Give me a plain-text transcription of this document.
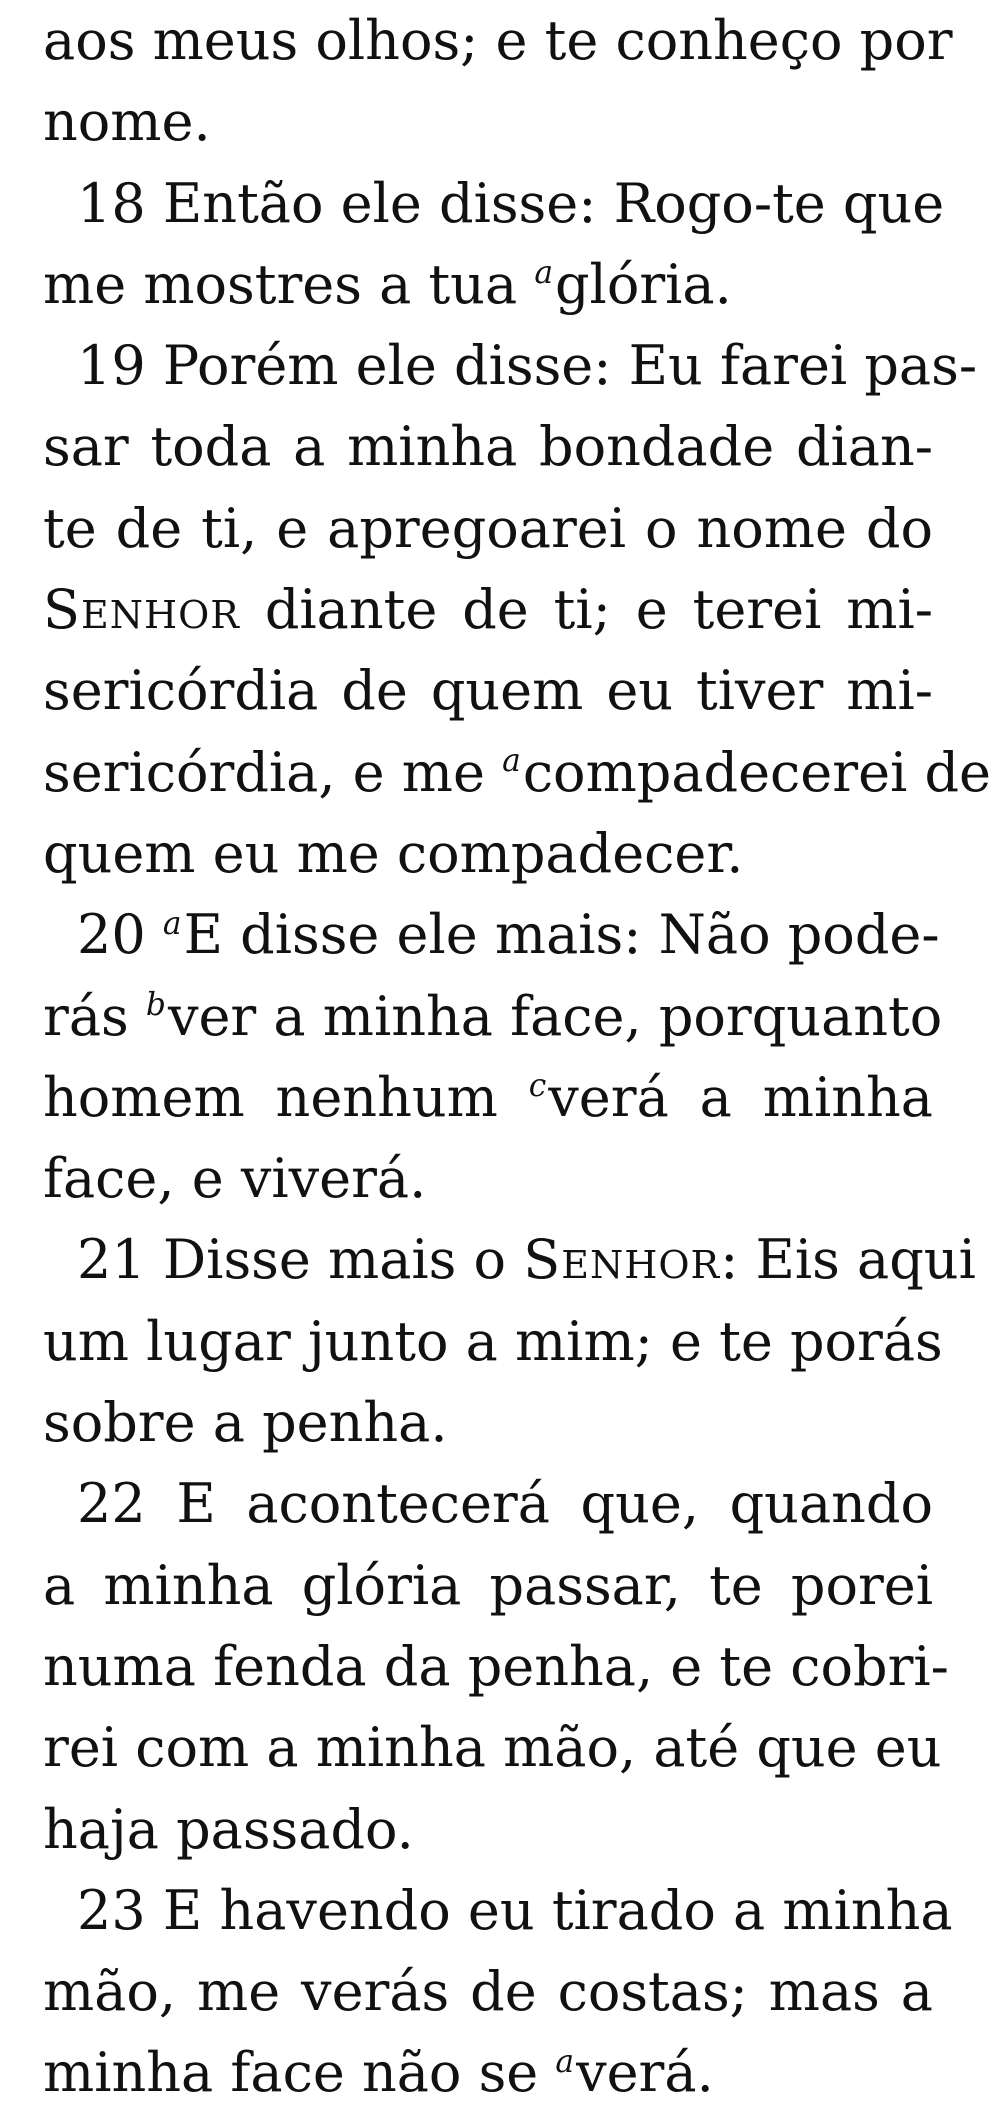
aos meus olhos; e te conheço por
nome.
18 Então ele disse: Rogo-te que
me mostres a tua $^a$glória.
19 Porém ele disse: Eu farei pas-
sar toda a minha bondade dian-
te de ti, e apregoarei o nome do
Senhor diante de ti; e terei mi-
sericórdia de quem eu tiver mi-
sericórdia, e me $^a$compadecerei de
quem eu me compadecer.
20 $^a$E disse ele mais: Não pode-
rás $^b$ver a minha face, porquanto
homem nenhum $^c$verá a minha
face, e viverá.
21 Disse mais o Senhor: Eis aqui
um lugar junto a mim; e te porás
sobre a penha.
22 E acontecerá que, quando
a minha glória passar, te porei
numa fenda da penha, e te cobri-
rei com a minha mão, até que eu
haja passado.
23 E havendo eu tirado a minha
mão, me verás de costas; mas a
minha face não se $^a$verá.
